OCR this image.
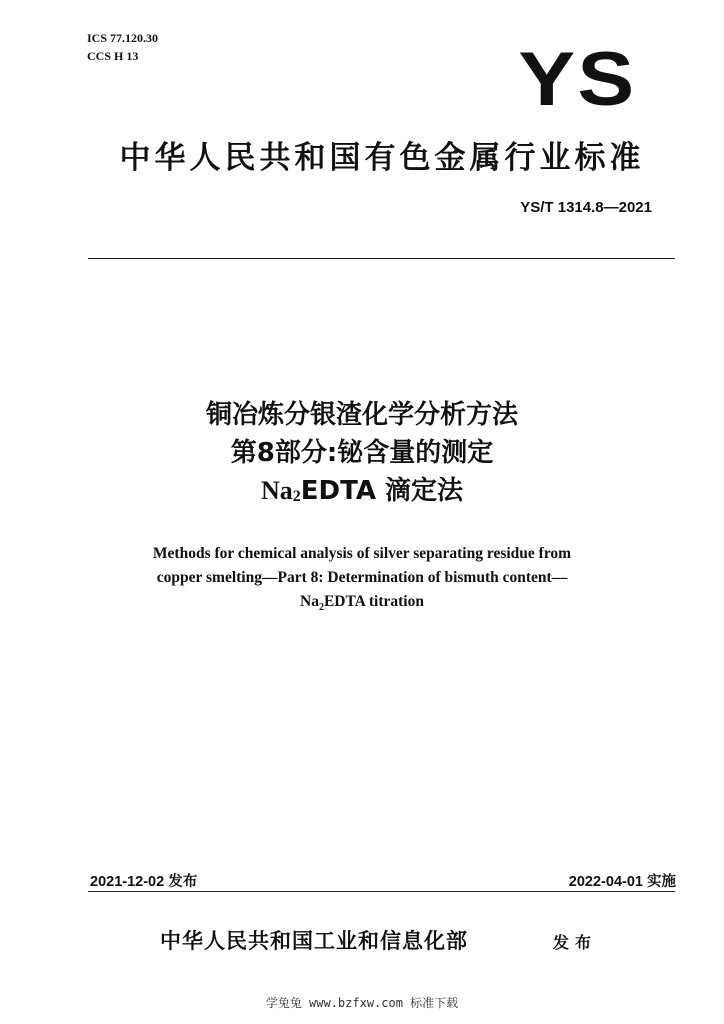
ICS 77.120.30
CCS H 13	YS
中华人民共和国有色金属行业标准
YS/T 1314.8—2021
铜冶炼分银渣化学分析方法
第8部分:铋含量的测定
$Na_2EDTA$ 滴定法
Methods for chemical analysis of silver separating residue from
copper smelting—Part 8: Determination of bismuth content—
$Na_2EDTA$ titration
2021-12-02 发布	2022-04-01 实施
中华人民共和国工业和信息化部	发布
学兔兔 www.bzfxw.com 标准下载
